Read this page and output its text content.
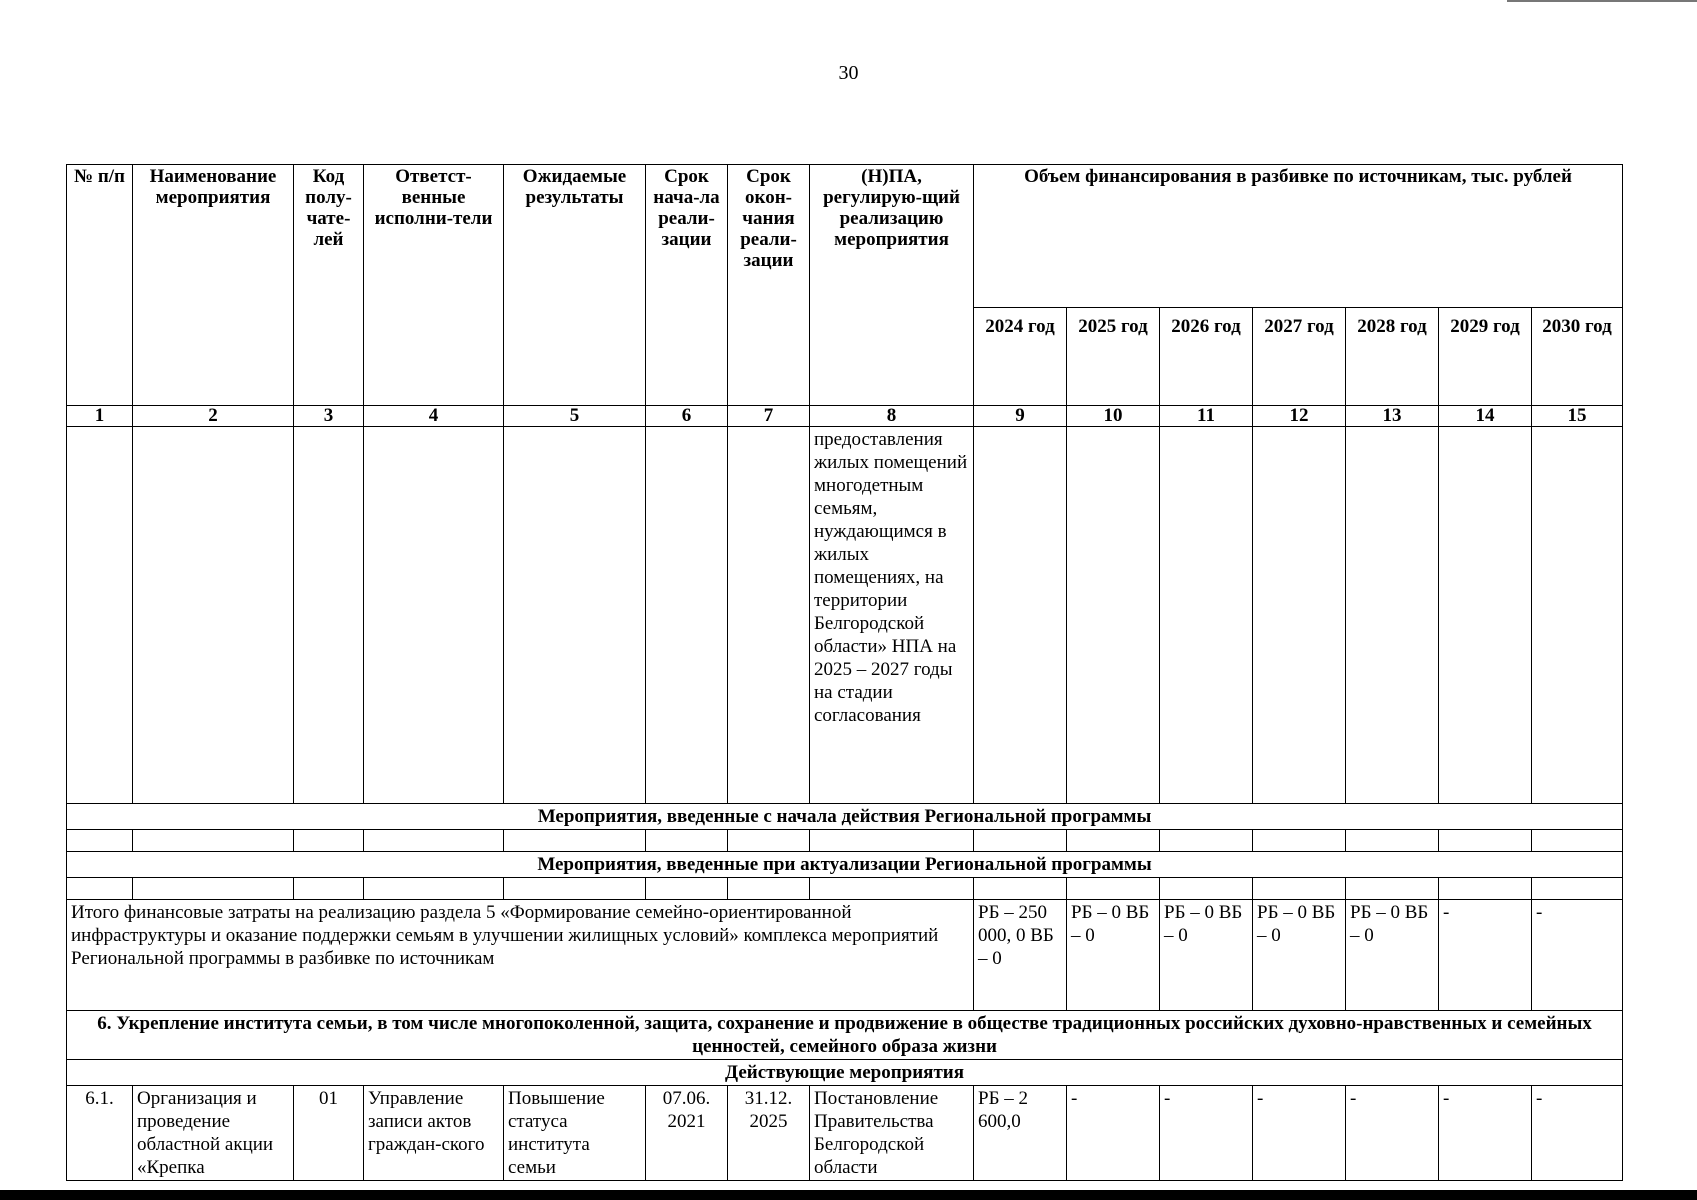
30
№ п/п	Наименование мероприятия	Код полу-чате-лей	Ответст-венные исполни-тели	Ожидаемые результаты	Срок нача-ла реали-зации	Срок окон-чания реали-зации	(Н)ПА, регулирую-щий реализацию мероприятия	Объем финансирования в разбивке по источникам, тыс. рублей						
								2024 год	2025 год	2026 год	2027 год	2028 год	2029 год	2030 год
1	2	3	4	5	6	7	8	9	10	11	12	13	14	15
							предоставления жилых помещений многодетным семьям, нуждающимся в жилых помещениях, на территории Белгородской области» НПА на 2025 – 2027 годы на стадии согласования							
Мероприятия, введенные с начала действия Региональной программы														

Мероприятия, введенные при актуализации Региональной программы														

Итого финансовые затраты на реализацию раздела 5 «Формирование семейно-ориентированной инфраструктуры и оказание поддержки семьям в улучшении жилищных условий» комплекса мероприятий Региональной программы в разбивке по источникам								РБ – 250 000, 0 ВБ – 0	РБ – 0 ВБ – 0	РБ – 0 ВБ – 0	РБ – 0 ВБ – 0	РБ – 0 ВБ – 0	-	-
6. Укрепление института семьи, в том числе многопоколенной, защита, сохранение и продвижение в обществе традиционных российских духовно-нравственных и семейных ценностей, семейного образа жизни														
Действующие мероприятия														
6.1.	Организация и проведение областной акции «Крепка	01	Управление записи актов граждан-ского	Повышение статуса института семьи	07.06. 2021	31.12. 2025	Постановление Правительства Белгородской области	РБ – 2 600,0	-	-	-	-	-	-
